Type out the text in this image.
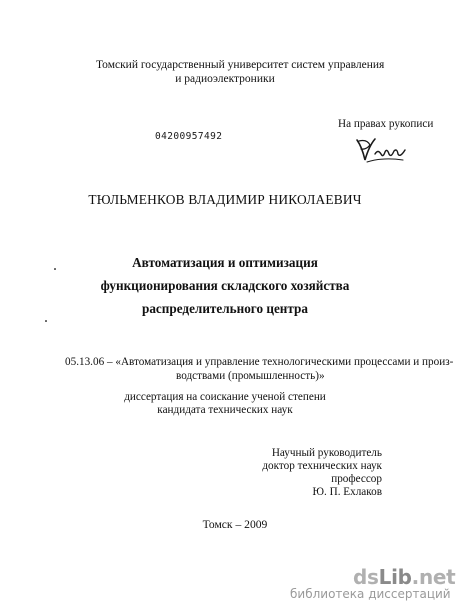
Томский государственный университет систем управления
и радиоэлектроники
На правах рукописи
04200957492
ТЮЛЬМЕНКОВ ВЛАДИМИР НИКОЛАЕВИЧ
Автоматизация и оптимизация
функционирования складского хозяйства
распределительного центра
05.13.06 – «Автоматизация и управление технологическими процессами и произ-
водствами (промышленность)»
диссертация на соискание ученой степени
кандидата технических наук
Научный руководитель
доктор технических наук
профессор
Ю. П. Ехлаков
Томск – 2009
dsLib.net
библиотека диссертаций
